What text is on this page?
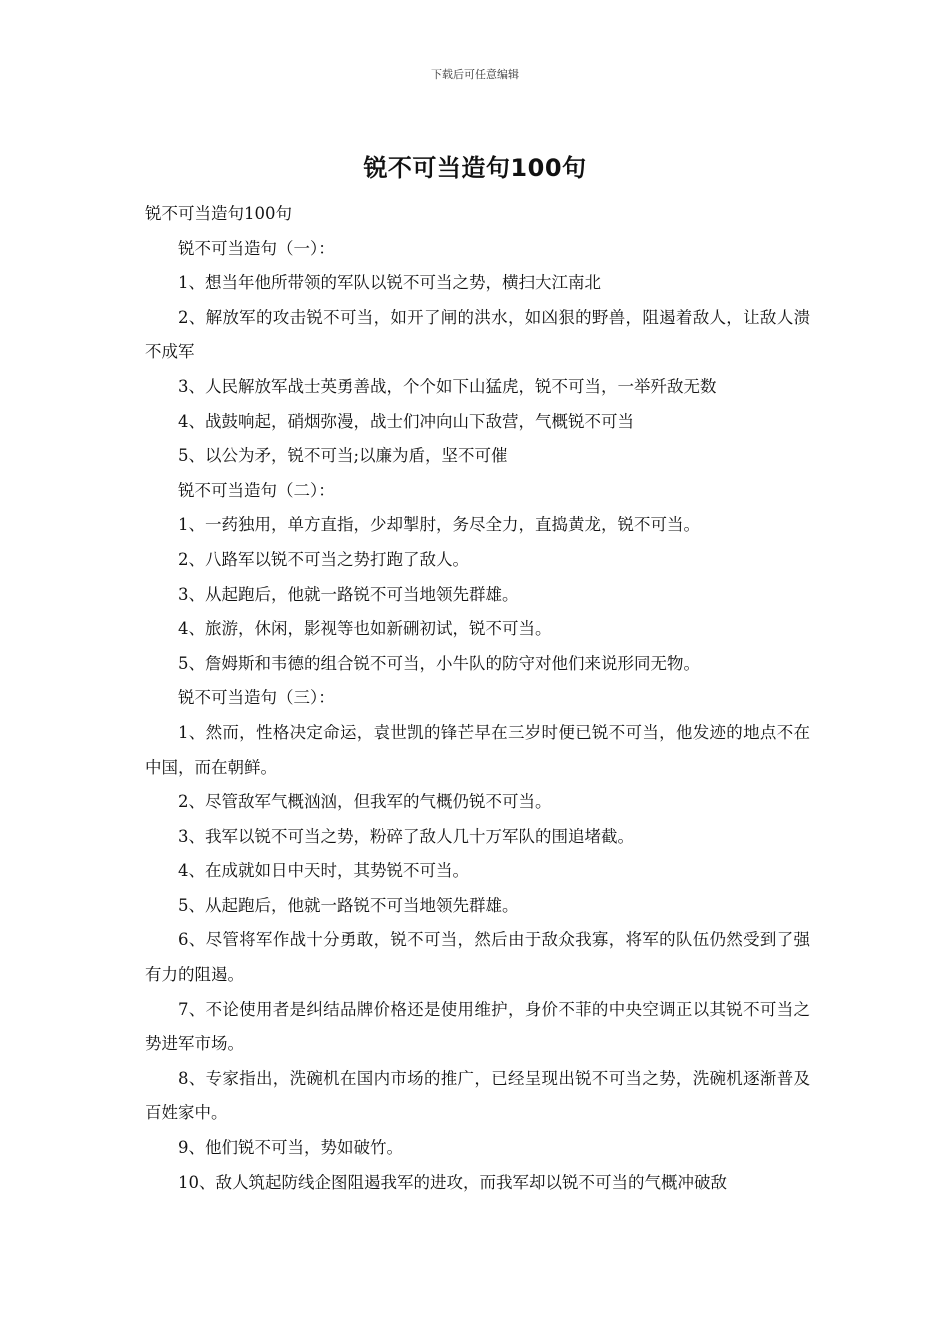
下载后可任意编辑
锐不可当造句100句

锐不可当造句100句

锐不可当造句（一）：

1、想当年他所带领的军队以锐不可当之势，横扫大江南北

2、解放军的攻击锐不可当，如开了闸的洪水，如凶狠的野兽，阻遏着敌人，让敌人溃不成军

3、人民解放军战士英勇善战，个个如下山猛虎，锐不可当，一举歼敌无数

4、战鼓响起，硝烟弥漫，战士们冲向山下敌营，气概锐不可当

5、以公为矛，锐不可当;以廉为盾，坚不可催

锐不可当造句（二）：

1、一药独用，单方直指，少却掣肘，务尽全力，直捣黄龙，锐不可当。

2、八路军以锐不可当之势打跑了敌人。

3、从起跑后，他就一路锐不可当地领先群雄。

4、旅游，休闲，影视等也如新硎初试，锐不可当。

5、詹姆斯和韦德的组合锐不可当，小牛队的防守对他们来说形同无物。

锐不可当造句（三）：

1、然而，性格决定命运，袁世凯的锋芒早在三岁时便已锐不可当，他发迹的地点不在中国，而在朝鲜。

2、尽管敌军气概汹汹，但我军的气概仍锐不可当。

3、我军以锐不可当之势，粉碎了敌人几十万军队的围追堵截。

4、在成就如日中天时，其势锐不可当。

5、从起跑后，他就一路锐不可当地领先群雄。

6、尽管将军作战十分勇敢，锐不可当，然后由于敌众我寡，将军的队伍仍然受到了强有力的阻遏。

7、不论使用者是纠结品牌价格还是使用维护，身价不菲的中央空调正以其锐不可当之势进军市场。

8、专家指出，洗碗机在国内市场的推广，已经呈现出锐不可当之势，洗碗机逐渐普及百姓家中。

9、他们锐不可当，势如破竹。

10、敌人筑起防线企图阻遏我军的进攻，而我军却以锐不可当的气概冲破敌
